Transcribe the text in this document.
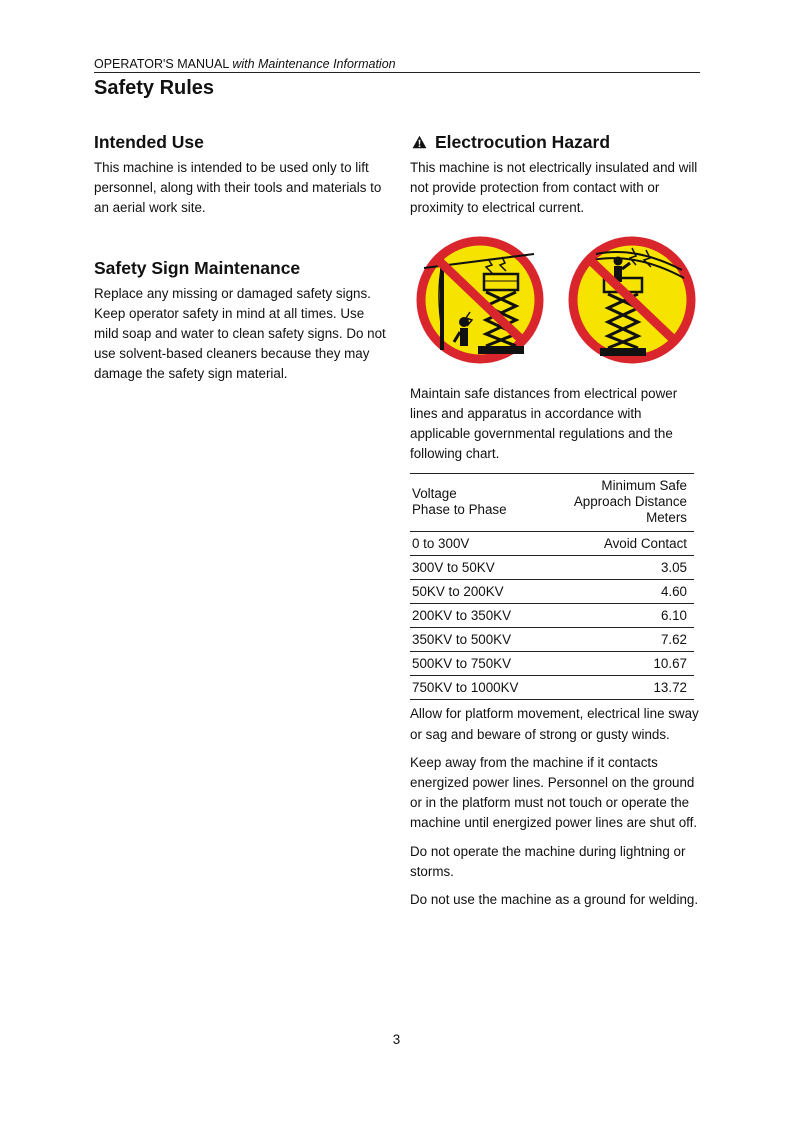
OPERATOR'S MANUAL with Maintenance Information
Safety Rules
Intended Use

This machine is intended to be used only to lift personnel, along with their tools and materials to an aerial work site.

Safety Sign Maintenance

Replace any missing or damaged safety signs. Keep operator safety in mind at all times. Use mild soap and water to clean safety signs. Do not use solvent-based cleaners because they may damage the safety sign material.

Electrocution Hazard

This machine is not electrically insulated and will not provide protection from contact with or proximity to electrical current.

Maintain safe distances from electrical power lines and apparatus in accordance with applicable governmental regulations and the following chart.

Voltage
Phase to Phase	Minimum Safe
Approach Distance
Meters
0 to 300V	Avoid Contact
300V to 50KV	3.05
50KV to 200KV	4.60
200KV to 350KV	6.10
350KV to 500KV	7.62
500KV to 750KV	10.67
750KV to 1000KV	13.72

Allow for platform movement, electrical line sway or sag and beware of strong or gusty winds.

Keep away from the machine if it contacts energized power lines. Personnel on the ground or in the platform must not touch or operate the machine until energized power lines are shut off.

Do not operate the machine during lightning or storms.

Do not use the machine as a ground for welding.

3
